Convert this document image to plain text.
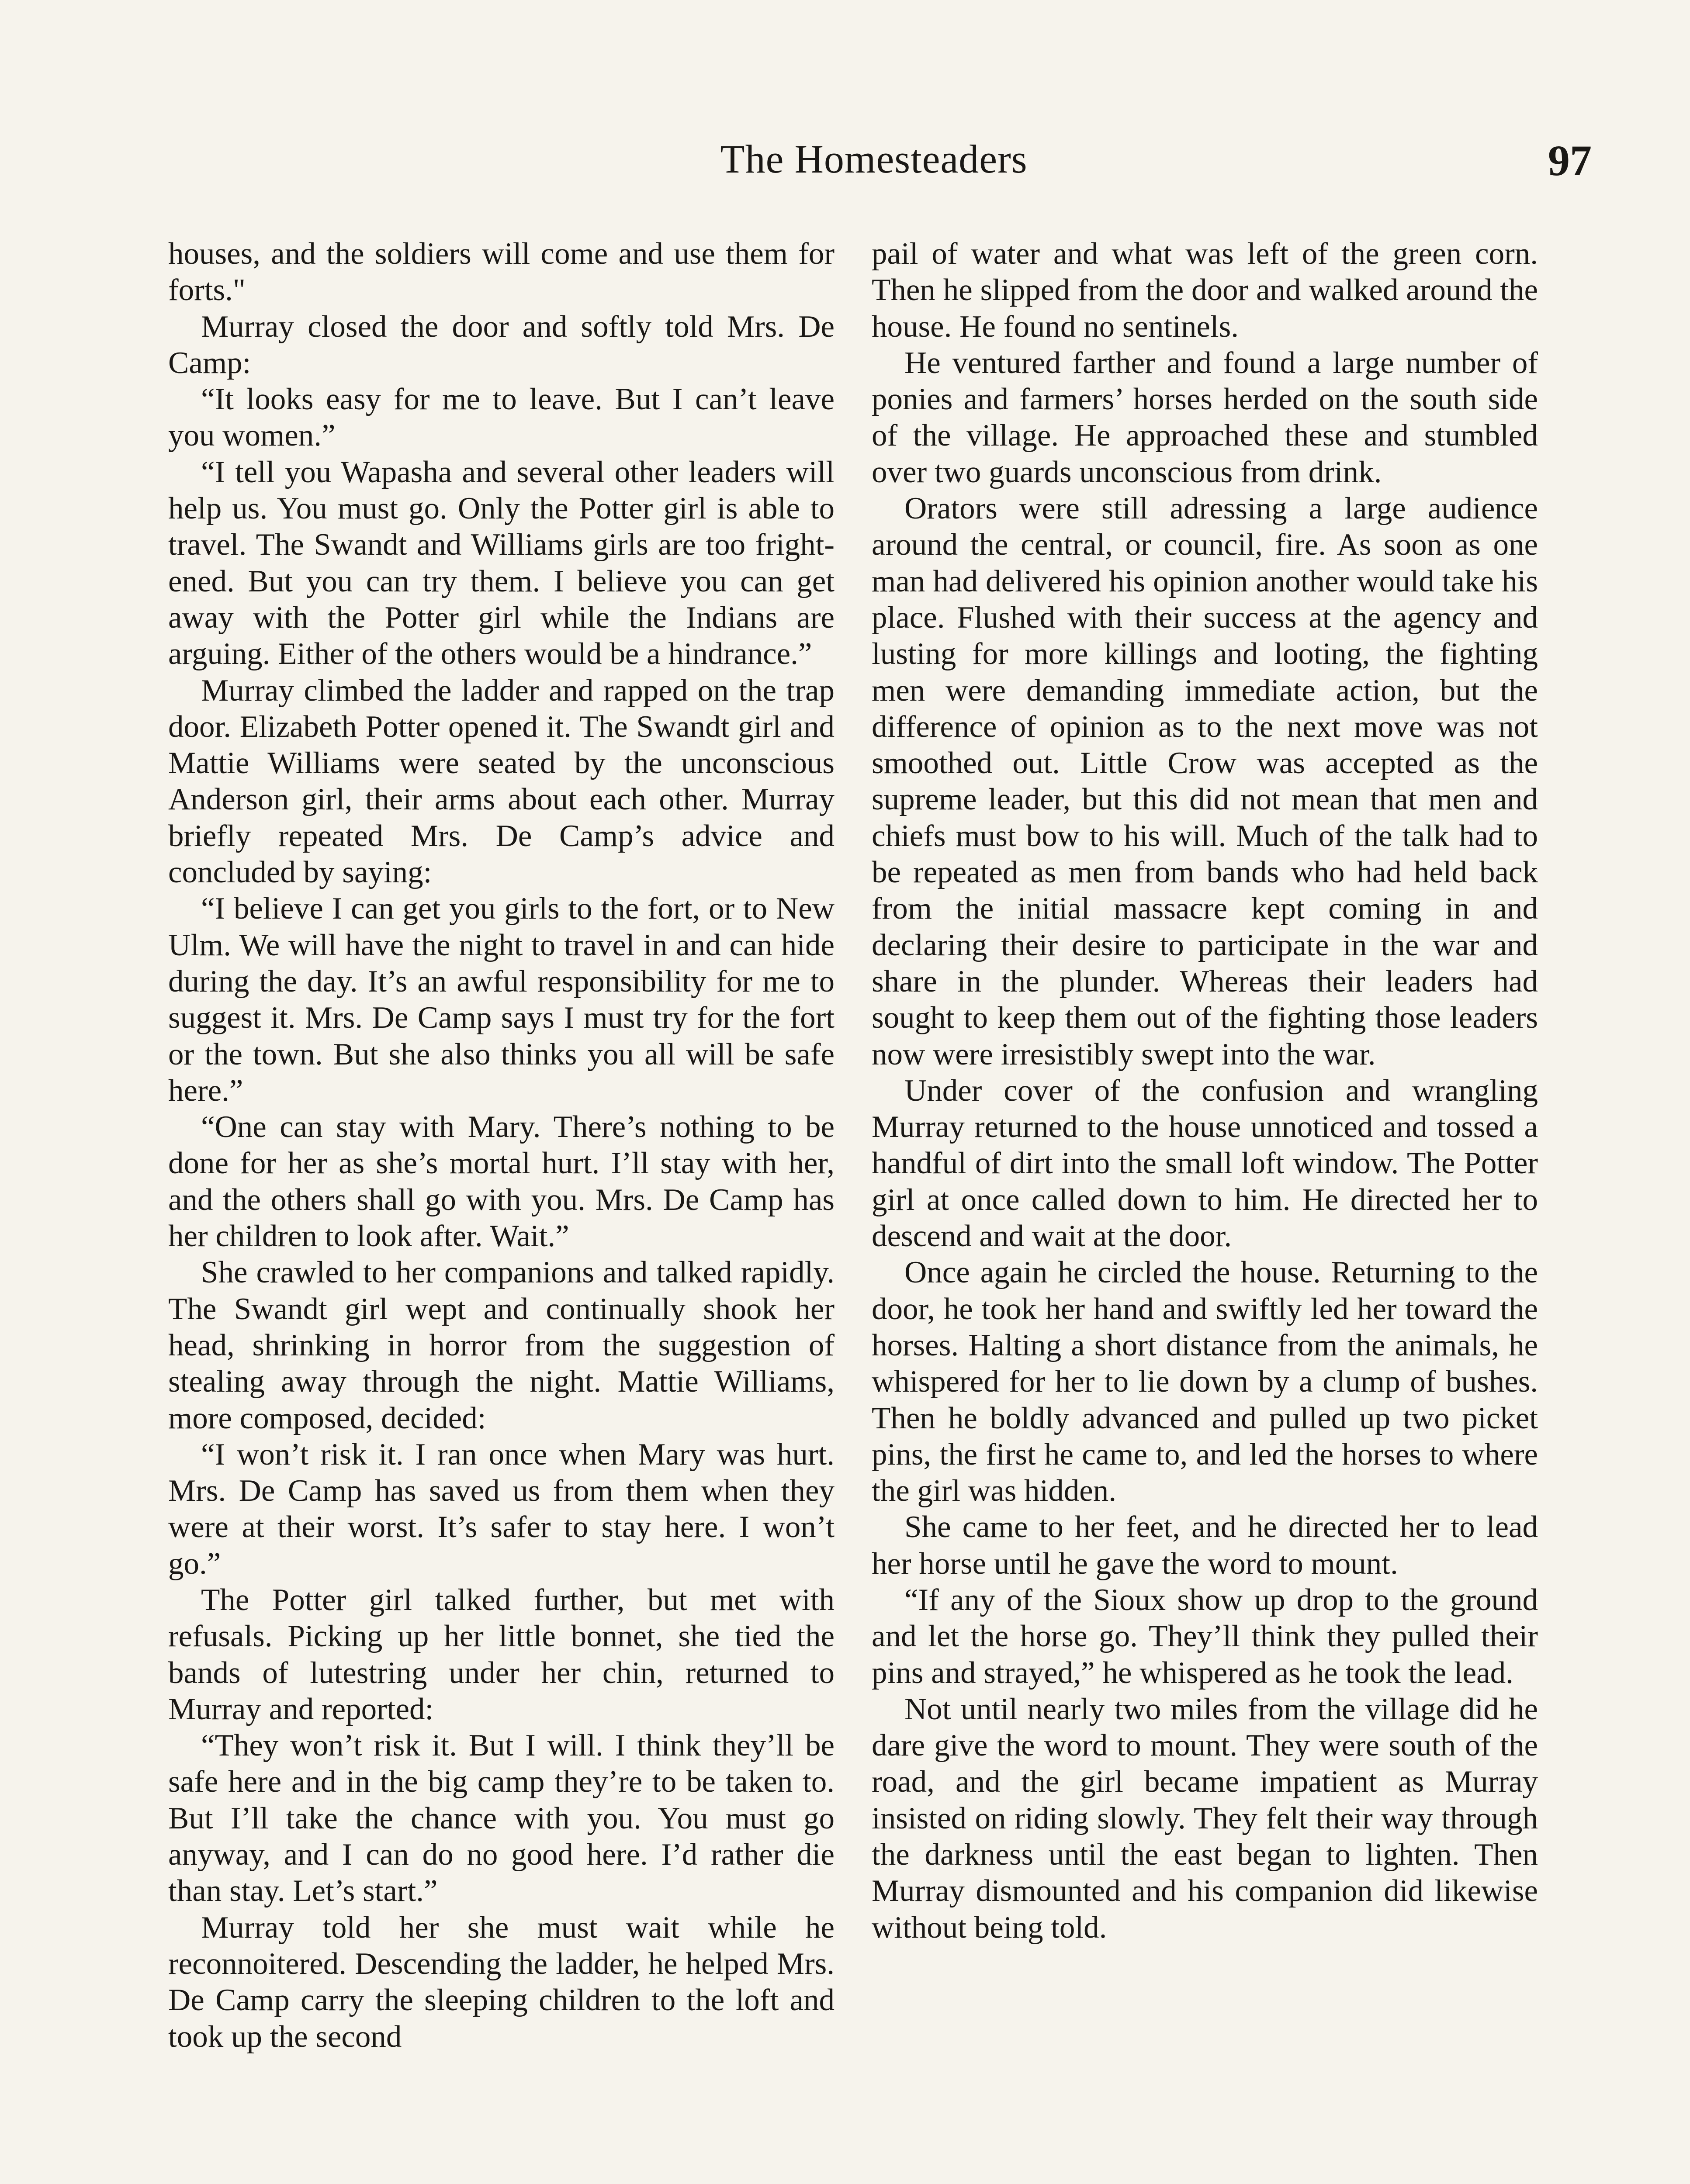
The Homesteaders	97

houses, and the soldiers will come and use them for forts."

Murray closed the door and softly told Mrs. De Camp:

“It looks easy for me to leave. But I can’t leave you women.”

“I tell you Wapasha and several other leaders will help us. You must go. Only the Potter girl is able to travel. The Swandt and Williams girls are too frightened. But you can try them. I believe you can get away with the Potter girl while the Indians are arguing. Either of the others would be a hindrance.”

Murray climbed the ladder and rapped on the trap door. Elizabeth Potter opened it. The Swandt girl and Mattie Williams were seated by the unconscious Anderson girl, their arms about each other. Murray briefly repeated Mrs. De Camp’s advice and concluded by saying:

“I believe I can get you girls to the fort, or to New Ulm. We will have the night to travel in and can hide during the day. It’s an awful responsibility for me to suggest it. Mrs. De Camp says I must try for the fort or the town. But she also thinks you all will be safe here.”

“One can stay with Mary. There’s nothing to be done for her as she’s mortal hurt. I’ll stay with her, and the others shall go with you. Mrs. De Camp has her children to look after. Wait.”

She crawled to her companions and talked rapidly. The Swandt girl wept and continually shook her head, shrinking in horror from the suggestion of stealing away through the night. Mattie Williams, more composed, decided:

“I won’t risk it. I ran once when Mary was hurt. Mrs. De Camp has saved us from them when they were at their worst. It’s safer to stay here. I won’t go.”

The Potter girl talked further, but met with refusals. Picking up her little bonnet, she tied the bands of lutestring under her chin, returned to Murray and reported:

“They won’t risk it. But I will. I think they’ll be safe here and in the big camp they’re to be taken to. But I’ll take the chance with you. You must go anyway, and I can do no good here. I’d rather die than stay. Let’s start.”

Murray told her she must wait while he reconnoitered. Descending the ladder, he helped Mrs. De Camp carry the sleeping children to the loft and took up the second

pail of water and what was left of the green corn. Then he slipped from the door and walked around the house. He found no sentinels.

He ventured farther and found a large number of ponies and farmers’ horses herded on the south side of the village. He approached these and stumbled over two guards unconscious from drink.

Orators were still adressing a large audience around the central, or council, fire. As soon as one man had delivered his opinion another would take his place. Flushed with their success at the agency and lusting for more killings and looting, the fighting men were demanding immediate action, but the difference of opinion as to the next move was not smoothed out. Little Crow was accepted as the supreme leader, but this did not mean that men and chiefs must bow to his will. Much of the talk had to be repeated as men from bands who had held back from the initial massacre kept coming in and declaring their desire to participate in the war and share in the plunder. Whereas their leaders had sought to keep them out of the fighting those leaders now were irresistibly swept into the war.

Under cover of the confusion and wrangling Murray returned to the house unnoticed and tossed a handful of dirt into the small loft window. The Potter girl at once called down to him. He directed her to descend and wait at the door.

Once again he circled the house. Returning to the door, he took her hand and swiftly led her toward the horses. Halting a short distance from the animals, he whispered for her to lie down by a clump of bushes. Then he boldly advanced and pulled up two picket pins, the first he came to, and led the horses to where the girl was hidden.

She came to her feet, and he directed her to lead her horse until he gave the word to mount.

“If any of the Sioux show up drop to the ground and let the horse go. They’ll think they pulled their pins and strayed,” he whispered as he took the lead.

Not until nearly two miles from the village did he dare give the word to mount. They were south of the road, and the girl became impatient as Murray insisted on riding slowly. They felt their way through the darkness until the east began to lighten. Then Murray dismounted and his companion did likewise without being told.
